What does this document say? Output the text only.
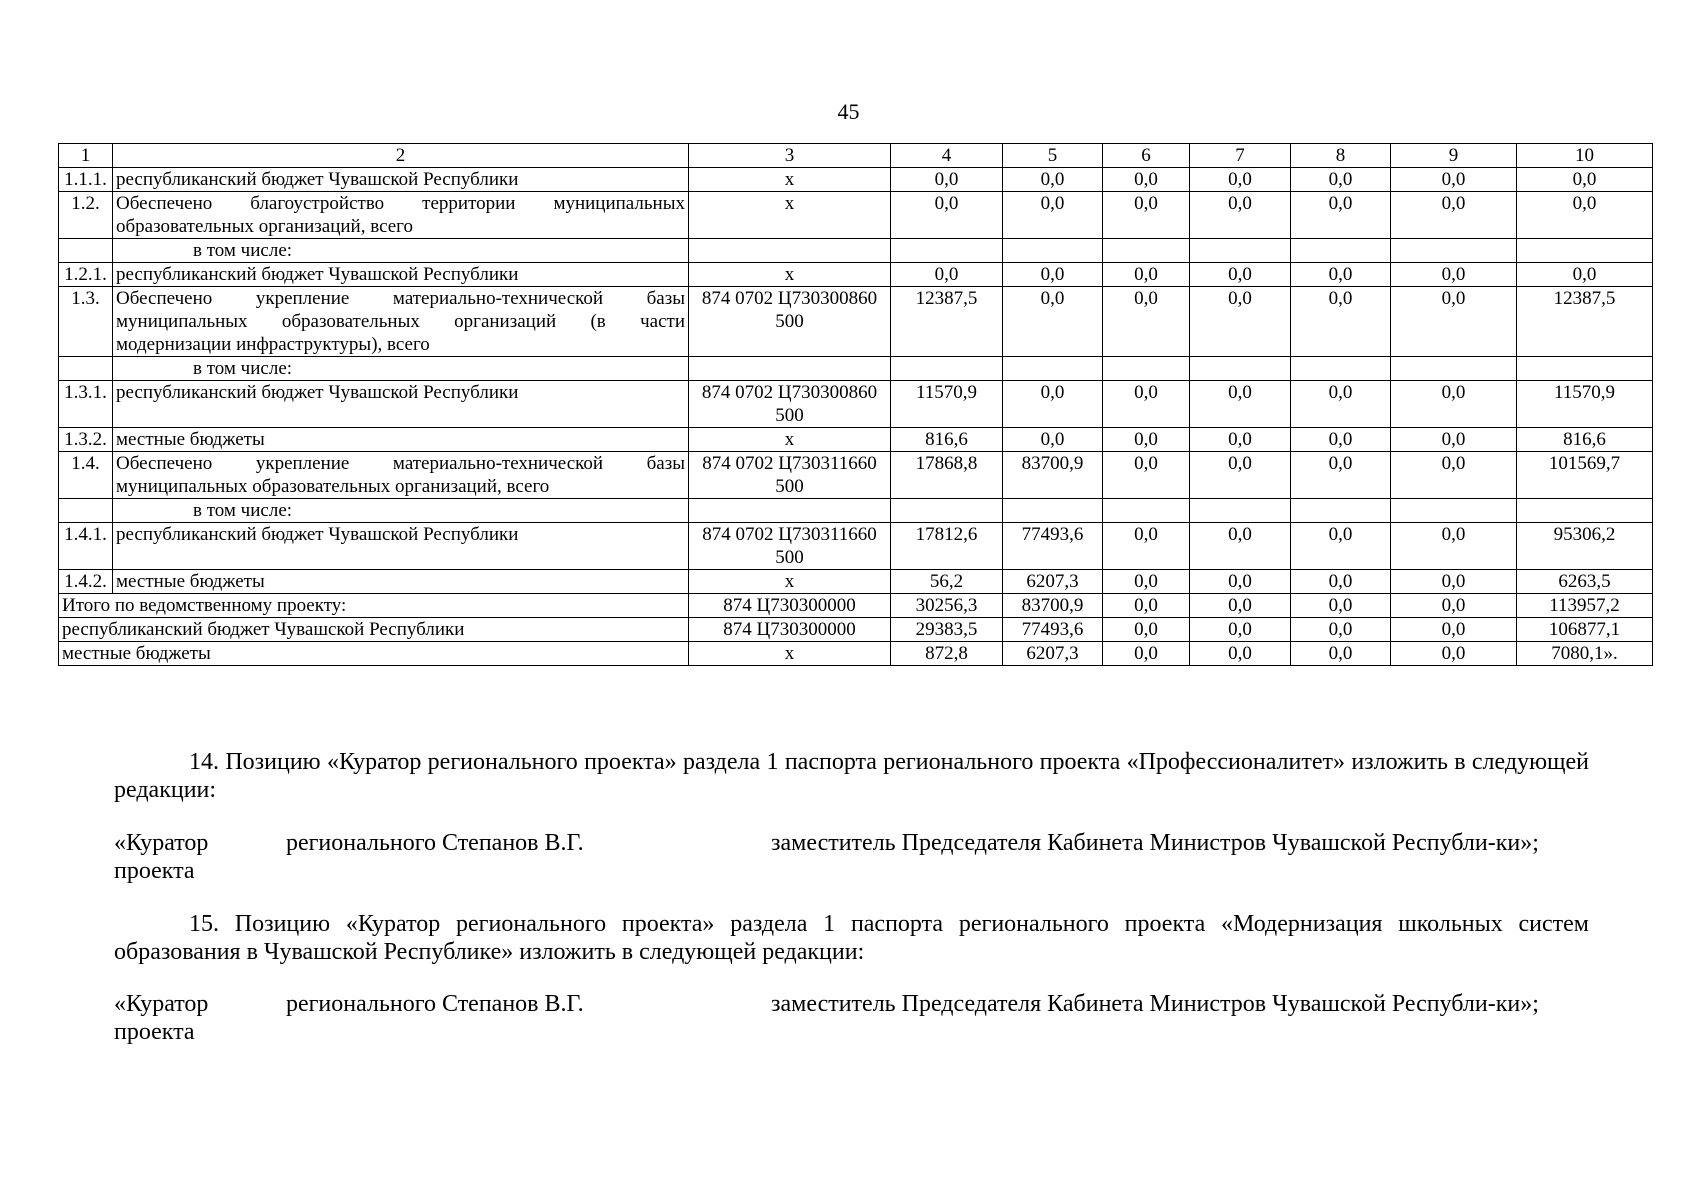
45
1	2	3	4	5	6	7	8	9	10
1.1.1.	республиканский бюджет Чувашской Республики	х	0,0	0,0	0,0	0,0	0,0	0,0	0,0
1.2.	Обеспечено благоустройство территории муниципальных образовательных организаций, всего	х	0,0	0,0	0,0	0,0	0,0	0,0	0,0
	в том числе:								
1.2.1.	республиканский бюджет Чувашской Республики	х	0,0	0,0	0,0	0,0	0,0	0,0	0,0
1.3.	Обеспечено укрепление материально-технической базы муниципальных образовательных организаций (в части модернизации инфраструктуры), всего	874 0702 Ц730300860 500	12387,5	0,0	0,0	0,0	0,0	0,0	12387,5
	в том числе:								
1.3.1.	республиканский бюджет Чувашской Республики	874 0702 Ц730300860 500	11570,9	0,0	0,0	0,0	0,0	0,0	11570,9
1.3.2.	местные бюджеты	х	816,6	0,0	0,0	0,0	0,0	0,0	816,6
1.4.	Обеспечено укрепление материально-технической базы муниципальных образовательных организаций, всего	874 0702 Ц730311660 500	17868,8	83700,9	0,0	0,0	0,0	0,0	101569,7
	в том числе:								
1.4.1.	республиканский бюджет Чувашской Республики	874 0702 Ц730311660 500	17812,6	77493,6	0,0	0,0	0,0	0,0	95306,2
1.4.2.	местные бюджеты	х	56,2	6207,3	0,0	0,0	0,0	0,0	6263,5
Итого по ведомственному проекту:		874 Ц730300000	30256,3	83700,9	0,0	0,0	0,0	0,0	113957,2
республиканский бюджет Чувашской Республики		874 Ц730300000	29383,5	77493,6	0,0	0,0	0,0	0,0	106877,1
местные бюджеты		х	872,8	6207,3	0,0	0,0	0,0	0,0	7080,1».
14. Позицию «Куратор регионального проекта» раздела 1 паспорта регионального проекта «Профессионалитет» изложить в следующей редакции:
«Куратор регионального
проекта
Степанов В.Г.	заместитель Председателя Кабинета Министров Чувашской Республи-ки»;
15. Позицию «Куратор регионального проекта» раздела 1 паспорта регионального проекта «Модернизация школьных систем образования в Чувашской Республике» изложить в следующей редакции:
«Куратор регионального
проекта
Степанов В.Г.	заместитель Председателя Кабинета Министров Чувашской Республи-ки»;
